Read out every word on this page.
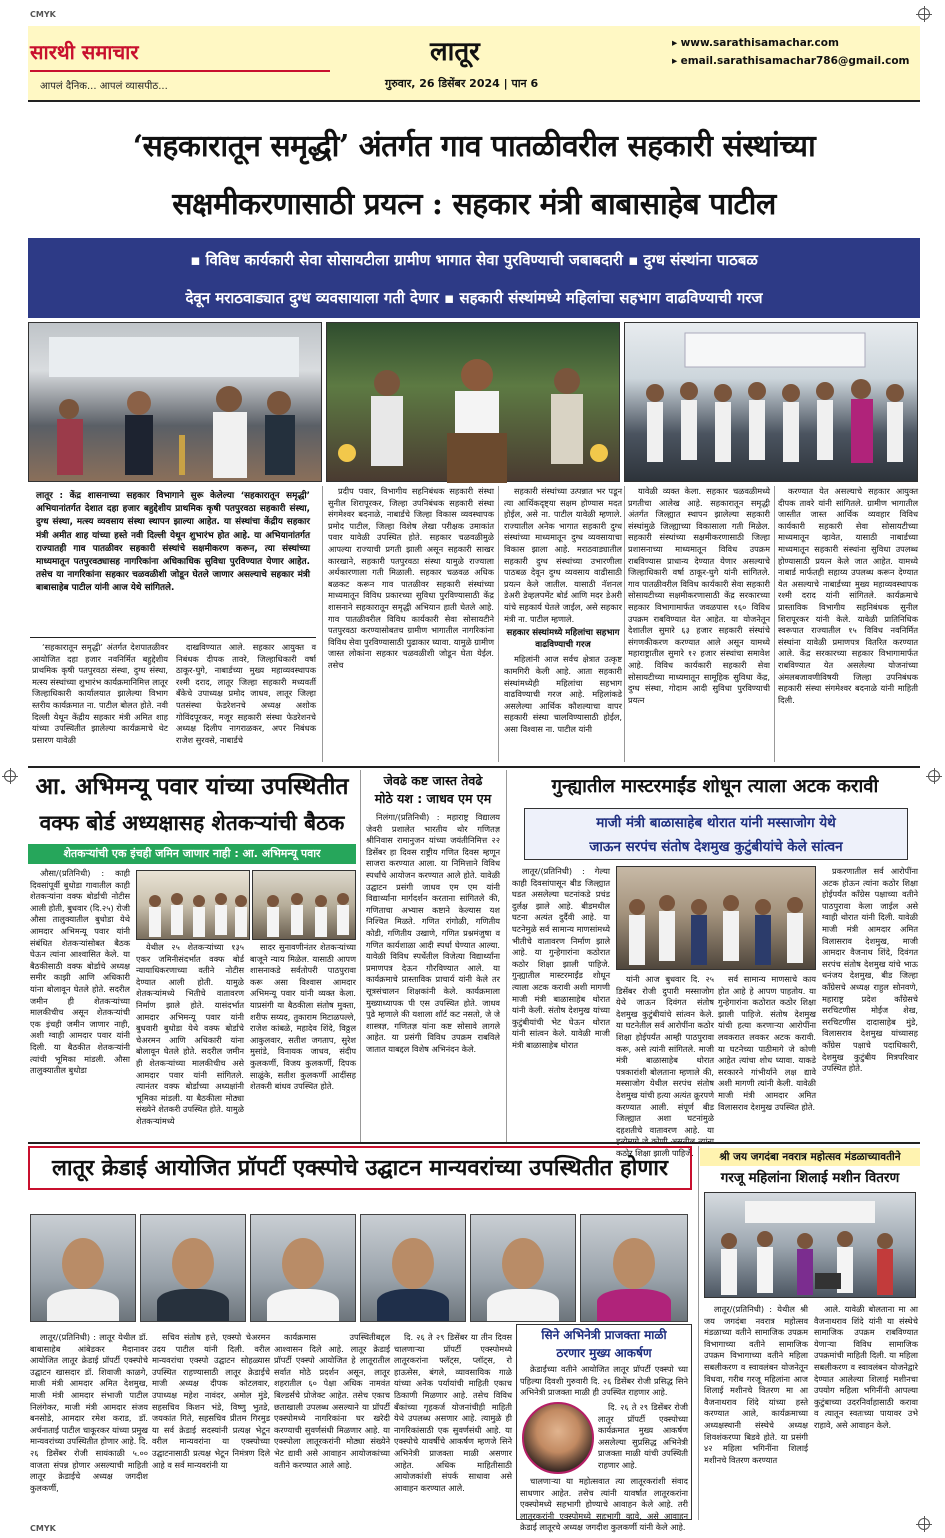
CMYK
सारथी समाचार
आपलं दैनिक... आपलं व्यासपीठ...
लातूर
गुरुवार, 26 डिसेंबर 2024 | पान 6
▸ www.sarathisamachar.com
▸ email.sarathisamachar786@gmail.com
‘सहकारातून समृद्धी’ अंतर्गत गाव पातळीवरील सहकारी संस्थांच्या
सक्षमीकरणासाठी प्रयत्न : सहकार मंत्री बाबासाहेब पाटील
▪ विविध कार्यकारी सेवा सोसायटीला ग्रामीण भागात सेवा पुरविण्याची जबाबदारी ▪ दुग्ध संस्थांना पाठबळ
देवून मराठवाड्यात दुग्ध व्यवसायाला गती देणार ▪ सहकारी संस्थांमध्ये महिलांचा सहभाग वाढविण्याची गरज
लातूर : केंद्र शासनाच्या सहकार विभागाने सुरू केलेल्या ‘सहकारातून समृद्धी’ अभियानांतर्गत देशात दहा हजार बहुद्देशीय प्राथमिक कृषी पतपुरवठा सहकारी संस्था, दुग्ध संस्था, मत्स्य व्यवसाय संस्था स्थापन झाल्या आहेत. या संस्थांचा केंद्रीय सहकार मंत्री अमीत शाह यांच्या हस्ते नवी दिल्ली येथून शुभारंभ होत आहे. या अभियानांतर्गत राज्यातही गाव पातळीवर सहकारी संस्थांचे सक्षमीकरण करून, त्या संस्थांच्या माध्यमातून पतपुरवठ्यासह नागरिकांना अधिकाधिक सुविधा पुरविण्यात येणार आहेत. तसेच या नागरिकांना सहकार चळवळीशी जोडून घेतले जाणार असल्याचे सहकार मंत्री बाबासाहेब पाटील यांनी आज येथे सांगितले.

‘सहकारातून समृद्धी’ अंतर्गत देशपातळीवर आयोजित दहा हजार नवनिर्मित बहुद्देशीय प्राथमिक कृषी पतपुरवठा संस्था, दुग्ध संस्था, मत्स्य संस्थांच्या शुभारंभ कार्यक्रमानिमित्त लातूर जिल्हाधिकारी कार्यालयात झालेल्या विभाग स्तरीय कार्यक्रमात ना. पाटील बोलत होते. नवी दिल्ली येथून केंद्रीय सहकार मंत्री अमित शाह यांच्या उपस्थितीत झालेल्या कार्यक्रमाचे थेट प्रसारण यावेळी

दाखविण्यात आले. सहकार आयुक्त व निबंधक दीपक तावरे, जिल्हाधिकारी वर्षा ठाकूर-घुगे, नाबार्डच्या मुख्य महाव्यवस्थापक रश्मी दराद, लातूर जिल्हा सहकारी मध्यवर्ती बँकेचे उपाध्यक्ष प्रमोद जाधव, लातूर जिल्हा पतसंस्था फेडरेशनचे अध्यक्ष अशोक गोविंदपूरकर, मजूर सहकारी संस्था फेडरेशनचे अध्यक्ष दिलीप नागराळकर, अपर निबंधक राजेश सुरवसे, नाबार्डचे

प्रदीप पवार, विभागीय सहनिबंधक सहकारी संस्था सुनील शिरापूरकर, जिल्हा उपनिबंधक सहकारी संस्था संगमेश्वर बदनाळे, नाबार्डचे जिल्हा विकास व्यवस्थापक प्रमोद पाटील, जिल्हा विशेष लेखा परीक्षक उमाकांत पवार यावेळी उपस्थित होते. सहकार चळवळीमुळे आपल्या राज्याची प्रगती झाली असून सहकारी साखर कारखाने, सहकारी पतपुरवठा संस्था यामुळे राज्याला अर्थकारणाला गती मिळाली. सहकार चळवळ अधिक बळकट करून गाव पातळीवर सहकारी संस्थांच्या माध्यमातून विविध प्रकारच्या सुविधा पुरविण्यासाठी केंद्र शासनाने सहकारातून समृद्धी अभियान हाती घेतले आहे. गाव पातळीवरील विविध कार्यकारी सेवा सोसायटीने पतपुरवठा करण्यासोबतच ग्रामीण भागातील नागरिकांना विविध सेवा पुरविण्यासाठी पुढाकार घ्यावा. यामुळे ग्रामीण जास्त लोकांना सहकार चळवळीशी जोडून घेता येईल. तसेच

सहकारी संस्थांच्या उत्पन्नात भर पडून त्या आर्थिकदृष्ट्या सक्षम होण्यास मदत होईल, असे ना. पाटील यावेळी म्हणाले. राज्यातील अनेक भागात सहकारी दुग्ध संस्थांच्या माध्यमातून दुग्ध व्यवसायाचा विकास झाला आहे. मराठवाड्यातील सहकारी दुग्ध संस्थांच्या उभारणीला पाठबळ देवून दुग्ध व्यवसाय वाढीसाठी प्रयत्न केले जातील. यासाठी नॅशनल डेअरी डेव्हलपमेंट बोर्ड आणि मदर डेअरी यांचे सहकार्य घेतले जाईल, असे सहकार मंत्री ना. पाटील म्हणाले.

सहकार संस्थांमध्ये महिलांचा सहभाग वाढविण्याची गरज

महिलांनी आज सर्वच क्षेत्रात उत्कृष्ट कामगिरी केली आहे. आता सहकारी संस्थांमध्येही महिलांचा सहभाग वाढविण्याची गरज आहे. महिलांकडे असलेल्या आर्थिक कौशल्याचा वापर सहकारी संस्था चालविण्यासाठी होईल, असा विश्वास ना. पाटील यांनी

यावेळी व्यक्त केला. सहकार चळवळीमध्ये प्रगतीचा आलेख आहे. सहकारातून समृद्धी अंतर्गत जिल्ह्यात स्थापन झालेल्या सहकारी संस्थांमुळे जिल्ह्याच्या विकासाला गती मिळेल. सहकारी संस्थांच्या सक्षमीकरणासाठी जिल्हा प्रशासनाच्या माध्यमातून विविध उपक्रम राबविण्यास प्राधान्य देण्यात येणार असल्याचे जिल्हाधिकारी वर्षा ठाकूर-घुगे यांनी सांगितले. गाव पातळीवरील विविध कार्यकारी सेवा सहकारी सोसायटीच्या सक्षमीकरणासाठी केंद्र सरकारच्या सहकार विभागामार्फत जवळपास १६० विविध उपक्रम राबविण्यात येत आहेत. या योजनेतून देशातील सुमारे ६३ हजार सहकारी संस्थांचे संगणकीकरण करण्यात आले असून यामध्ये महाराष्ट्रातील सुमारे १२ हजार संस्थांचा समावेश आहे. विविध कार्यकारी सहकारी सेवा सोसायटीच्या माध्यमातून सामूहिक सुविधा केंद्र, दुग्ध संस्था, गोदाम आदी सुविधा पुरविण्याची प्रयत्न

करण्यात येत असल्याचे सहकार आयुक्त दीपक तावरे यांनी सांगितले. ग्रामीण भागातील जास्तीत जास्त आर्थिक व्यवहार विविध कार्यकारी सहकारी सेवा सोसायटीच्या माध्यमातून व्हावेत, यासाठी नाबार्डच्या माध्यमातून सहकारी संस्थांना सुविधा उपलब्ध होण्यासाठी प्रयत्न केले जात आहेत. यामध्ये नाबार्ड मार्फतही सहाय्य उपलब्ध करून देण्यात येत असल्याचे नाबार्डच्या मुख्य महाव्यवस्थापक रश्मी दराद यांनी सांगितले. कार्यक्रमाचे प्रास्ताविक विभागीय सहनिबंधक सुनील शिरापूरकर यांनी केले. यावेळी प्रातिनिधिक स्वरूपात राज्यातील १५ विविध नवनिर्मित संस्थांना यावेळी प्रमाणपत्र वितरित करण्यात आले. केंद्र सरकारच्या सहकार विभागामार्फत राबविण्यात येत असलेल्या योजनांच्या अंमलबजावणीविषयी जिल्हा उपनिबंधक सहकारी संस्था संगमेश्वर बदनाळे यांनी माहिती दिली.

आ. अभिमन्यू पवार यांच्या उपस्थितीत
वक्फ बोर्ड अध्यक्षासह शेतकऱ्यांची बैठक
शेतकऱ्यांची एक इंचही जमिन जाणार नाही : आ. अभिमन्यू पवार

औसा/(प्रतिनिधी) : काही दिवसांपूर्वी बुधोडा गावातील काही शेतकऱ्यांना वक्फ बोर्डाची नोटीस आली होती, बुधवार (दि.२५) रोजी औसा तालुक्यातील बुधोडा येथे आमदार अभिमन्यू पवार यांनी संबंधित शेतकऱ्यांसोबत बैठक घेऊन त्यांना आश्वासित केले. या बैठकीसाठी वक्फ बोर्डाचे अध्यक्ष समीर काझी आणि अधिकारी यांना बोलावून घेतले होते. सदरील जमीन ही शेतकऱ्यांच्या मालकीचीच असून शेतकऱ्यांची एक इंचही जमीन जाणार नाही, अशी ग्वाही आमदार पवार यांनी दिली. या बैठकीत शेतकऱ्यांनी त्यांची भूमिका मांडली. औसा तालुक्यातील बुधोडा

येथील २५ शेतकऱ्यांच्या १३५ एकर जमिनीसंदर्भात वक्फ बोर्ड न्यायाधिकरणाच्या वतीने नोटीस देण्यात आली होती. यामुळे शेतकऱ्यांमध्ये भितीचे वातावरण निर्माण झाले होते. यासंदर्भात आमदार अभिमन्यू पवार यांनी बुधवारी बुधोडा येथे वक्फ बोर्डाचे चेअरमन आणि अधिकारी यांना बोलावून घेतले होते. सदरील जमीन ही शेतकऱ्यांच्या मालकीचीच असे आमदार पवार यांनी सांगितले. त्यानंतर वक्फ बोर्डाच्या अध्यक्षांनी भूमिका मांडली. या बैठकीला मोठ्या संख्येने शेतकरी उपस्थित होते. यामुळे शेतकऱ्यांमध्ये

सादर सुनावणीनंतर शेतकऱ्यांच्या बाजूने न्याय मिळेल. यासाठी आपण शासनाकडे सर्वतोपरी पाठपुरावा करू असा विश्वास आमदार अभिमन्यू पवार यांनी व्यक्त केला. याप्रसंगी या बैठकीला संतोष मुक्ता, शरीफ सय्यद, तुकाराम मिटाळपल्ले, राजेश कांबळे, महादेव शिंदे, विठ्ठल आकुलवार, सतीश जगताप, सुरेश मुसांडे, विनायक जाधव, संदीप कुलकर्णी, विजय कुलकर्णी, दिपक साळुंके, सतीश कुलकर्णी आदींसह शेतकरी बांधव उपस्थित होते.

जेवढे कष्ट जास्त तेवढे
मोठे यश : जाधव एम एम

निलंगा/(प्रतिनिधी) : महाराष्ट्र विद्यालय जेवरी प्रशालेत भारतीय थोर गणितज्ञ श्रीनिवास रामानुजन यांच्या जयंतीनिमित्त २२ डिसेंबर हा दिवस राष्ट्रीय गणित दिवस म्हणून साजरा करण्यात आला. या निमित्ताने विविध स्पर्धांचे आयोजन करण्यात आले होते. यावेळी उद्घाटन प्रसंगी जाधव एम एम यांनी विद्यार्थ्यांना मार्गदर्शन करताना सांगितले की, गणिताचा अभ्यास कष्टाने केल्यास यश निश्चित मिळते. गणित रांगोळी, गणितीय कोडी, गणितीय उखाणे, गणित प्रश्नमंजुषा व गणित कार्यशाळा आदी स्पर्धा घेण्यात आल्या. यावेळी विविध स्पर्धेतील विजेत्या विद्यार्थ्यांना प्रमाणपत्र देऊन गौरविण्यात आले. या कार्यक्रमाचे प्रास्ताविक प्राचार्य यांनी केले तर सूत्रसंचालन शिक्षकांनी केले. कार्यक्रमाला मुख्याध्यापक पी एस उपस्थित होते. जाधव पुढे म्हणाले की यशाला शॉर्ट कट नसतो, जे जे शास्त्रज्ञ, गणितज्ञ यांना कष्ट सोसावे लागले आहेत. या प्रसंगी विविध उपक्रम राबविले जातात याबद्दल विशेष अभिनंदन केले.

गुन्ह्यातील मास्टरमाईंड शोधून त्याला अटक करावी
माजी मंत्री बाळासाहेब थोरात यांनी मस्साजोग येथे
जाऊन सरपंच संतोष देशमुख कुटुंबीयांचे केले सांत्वन

लातूर/(प्रतिनिधी) : गेल्या काही दिवसांपासून बीड जिल्ह्यात घडत असलेल्या घटनांकडे प्रचंड दुर्लक्ष झाले आहे. बीडमधील घटना अत्यंत दुर्दैवी आहे. या घटनेमुळे सर्व सामान्य माणसांमध्ये भीतीचे वातावरण निर्माण झाले आहे. या गुन्हेगारांना कठोरात कठोर शिक्षा झाली पाहिजे. गुन्ह्यातील मास्टरमाईंड शोधून त्याला अटक करावी अशी मागणी माजी मंत्री बाळासाहेब थोरात यांनी केली. संतोष देशमुख यांच्या कुटुंबीयांची भेट घेऊन थोरात यांनी सांत्वन केले. यावेळी माजी मंत्री बाळासाहेब थोरात

यांनी आज बुधवार दि. २५ डिसेंबर रोजी दुपारी मस्साजोग येथे जाऊन दिवंगत संतोष देशमुख कुटुंबीयांचे सांत्वन केले. या घटनेतील सर्व आरोपींना कठोर शिक्षा होईपर्यंत आम्ही पाठपुरावा करू, असे त्यांनी सांगितले. माजी मंत्री बाळासाहेब थोरात पत्रकारांशी बोलताना म्हणाले की, मस्साजोग येथील सरपंच संतोष देशमुख यांची हत्या अत्यंत क्रूरपणे करण्यात आली. संपूर्ण बीड जिल्ह्यात अशा घटनांमुळे दहशतीचे वातावरण आहे. या हत्येमागे जे कोणी असतील त्यांना कठोर शिक्षा झाली पाहिजे.

सर्व सामान्य माणसाचे काय होत आहे हे आपण पाहतोय. या गुन्हेगारांना कठोरात कठोर शिक्षा झाली पाहिजे. संतोष देशमुख यांची हत्या करणाऱ्या आरोपींना लवकरात लवकर अटक करावी. या घटनेच्या पाठीमागे जे कोणी आहेत त्यांचा शोध घ्यावा. याकडे सरकारने गांभीर्याने लक्ष द्यावे अशी मागणी त्यांनी केली. यावेळी माजी मंत्री आमदार अमित विलासराव देशमुख उपस्थित होते.

प्रकरणातील सर्व आरोपींना अटक होऊन त्यांना कठोर शिक्षा होईपर्यंत काँग्रेस पक्षाच्या वतीने पाठपुरावा केला जाईल असे ग्वाही थोरात यांनी दिली. यावेळी माजी मंत्री आमदार अमित विलासराव देशमुख, माजी आमदार वैजनाथ शिंदे, दिवंगत सरपंच संतोष देशमुख यांचे भाऊ धनंजय देशमुख, बीड जिल्हा काँग्रेसचे अध्यक्ष राहुल सोनवणे, महाराष्ट्र प्रदेश काँग्रेसचे सरचिटणीस मोईज शेख, सरचिटणीस दादासाहेब मुंडे, विलासराव देशमुख यांच्यासह काँग्रेस पक्षाचे पदाधिकारी, देशमुख कुटुंबीय मित्रपरिवार उपस्थित होते.

लातूर क्रेडाई आयोजित प्रॉपर्टी एक्स्पोचे उद्घाटन मान्यवरांच्या उपस्थितीत होणार

लातूर/(प्रतिनिधी) : लातूर येथील डॉ. बाबासाहेब आंबेडकर मैदानावर आयोजित लातूर क्रेडाई प्रॉपर्टी एक्स्पोचे उद्घाटन खासदार डॉ. शिवाजी काळगे, माजी मंत्री आमदार अमित देशमुख, माजी मंत्री आमदार संभाजी पाटील निलंगेकर, माजी मंत्री आमदार संजय बनसोडे, आमदार रमेश कराड, डॉ. अर्चनाताई पाटील चाकूरकर यांच्या प्रमुख मान्यवरांच्या उपस्थितीत होणार आहे. दि. २६ डिसेंबर रोजी सायंकाळी ५.०० वाजता संपन्न होणार असल्याची माहिती लातूर क्रेडाईचे अध्यक्ष जगदीश कुलकर्णी,

सचिव संतोष हत्ते, एक्स्पो चेअरमन उदय पाटील यांनी दिली. वरील मान्यवरांचा एक्स्पो उद्घाटन सोहळ्यास उपस्थित राहण्यासाठी लातूर क्रेडाईचे माजी अध्यक्ष दीपक कोटलवार, उपाध्यक्ष महेश नावंदर, अमोल मुंडे, सहसचिव किशन भंडे, विष्णु भुतडे, जयकांत गिते, सहसचिव प्रीतम गिरमुड या सर्व क्रेडाई सदस्यांनी प्रत्यक्ष भेटून वरील मान्यवरांना या एक्स्पोच्या उद्घाटनासाठी प्रत्यक्ष भेटून निमंत्रण दिले आहे व सर्व मान्यवरांनी या

कार्यक्रमास उपस्थितीबद्दल आश्वासन दिले आहे. लातूर क्रेडाई प्रॉपर्टी एक्स्पो आयोजित हे लातूरातील सर्वात मोठे प्रदर्शन असून, लातूर शहरातील ६० पेक्षा अधिक नामवंत बिल्डर्सचे प्रोजेक्ट आहेत. तसेच एकाच छताखाली उपलब्ध असल्याने या प्रॉपर्टी एक्स्पोमध्ये नागरिकांना घर खरेदी करण्याची सुवर्णसंधी मिळणार आहे. या एक्स्पोला लातूरकरांनी मोठ्या संख्येने भेट द्यावी असे आवाहन आयोजकांच्या वतीने करण्यात आले आहे.

दि. २६ ते २९ डिसेंबर या तीन दिवस चालणाऱ्या प्रॉपर्टी एक्स्पोमध्ये लातूरकरांना फ्लॅट्स, प्लॉट्स, रो हाऊसेस, बंगले, व्यावसायिक गाळे यांच्या अनेक पर्यायांची माहिती एकाच ठिकाणी मिळणार आहे. तसेच विविध बँकांच्या गृहकर्ज योजनांचीही माहिती येथे उपलब्ध असणार आहे. त्यामुळे ही नागरिकांसाठी एक सुवर्णसंधी आहे. या एक्स्पोचे यावर्षीचे आकर्षण म्हणजे सिने अभिनेत्री प्राजक्ता माळी असणार आहेत. अधिक माहितीसाठी आयोजकांशी संपर्क साधावा असे आवाहन करण्यात आले.

सिने अभिनेत्री प्राजक्ता माळी
ठरणार मुख्य आकर्षण

क्रेडाईच्या वतीने आयोजित लातूर प्रॉपर्टी एक्स्पो च्या पहिल्या दिवशी गुरुवारी दि. २६ डिसेंबर रोजी प्रसिद्ध सिने अभिनेत्री प्राजक्ता माळी ही उपस्थित राहणार आहे.

दि. २६ ते २९ डिसेंबर रोजी लातूर प्रॉपर्टी एक्स्पोच्या कार्यक्रमात मुख्य आकर्षण असलेल्या सुप्रसिद्ध अभिनेत्री प्राजक्ता माळी यांची उपस्थिती राहणार आहे.

चालणाऱ्या या महोत्सवात त्या लातूरकरांशी संवाद साधणार आहेत. तसेच त्यांनी यावर्षात लातूरकरांना एक्स्पोमध्ये सहभागी होण्याचे आवाहन केले आहे. तरी लातूरकरांनी एक्स्पोमध्ये सहभागी व्हावे, असे आवाहन क्रेडाई लातूरचे अध्यक्ष जगदीश कुलकर्णी यांनी केले आहे.

श्री जय जगदंबा नवरात्र महोत्सव मंडळाच्यावतीने
गरजू महिलांना शिलाई मशीन वितरण

लातूर/(प्रतिनिधी) : येथील श्री जय जगदंबा नवरात्र महोत्सव मंडळाच्या वतीने सामाजिक उपक्रम विभागाच्या वतीने सामाजिक उपक्रम विभागाच्या वतीने महिला सबलीकरण व स्वावलंबन योजनेतून विधवा, गरीब गरजू महिलांना आज शिलाई मशीनचे वितरण मा आ वैजनाथराव शिंदे यांच्या हस्ते करण्यात आले, कार्यक्रमाच्या अध्यक्षस्थानी संस्थेचे अध्यक्ष शिवशंकरप्पा बिडवे होते. या प्रसंगी ४२ महिला भगिनींना शिलाई मशीनचे वितरण करण्यात

आले. यावेळी बोलताना मा आ वैजनाथराव शिंदे यांनी या संस्थेचे सामाजिक उपक्रम राबविण्यात येणाऱ्या विविध सामाजिक उपक्रमांची माहिती दिली. या महिला सबलीकरण व स्वावलंबन योजनेद्वारे देण्यात आलेल्या शिलाई मशीनचा उपयोग महिला भगिनींनी आपल्या कुटुंबाच्या उदरनिर्वाहासाठी करावा व त्यातून स्वतःच्या पायावर उभे राहावे, असे आवाहन केले.

CMYK
